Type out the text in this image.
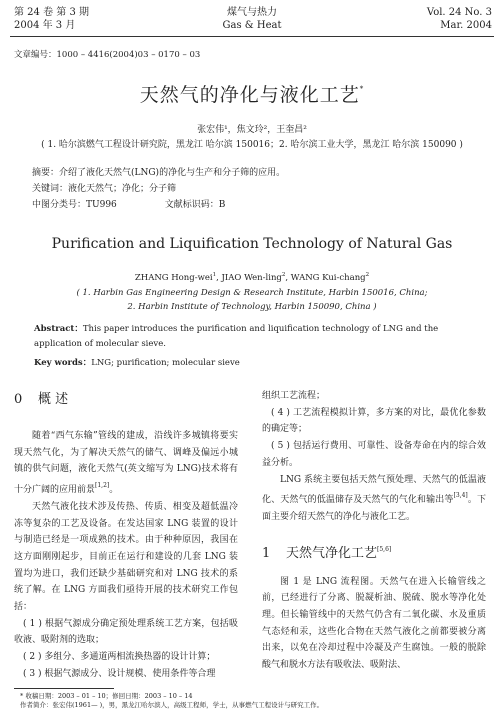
第 24 卷 第 3 期
2004 年 3 月
煤气与热力
Gas & Heat
Vol. 24 No. 3
Mar. 2004
文章编号：1000 – 4416(2004)03 – 0170 – 03
天然气的净化与液化工艺*
张宏伟¹，焦文玲²，王奎昌²
( 1. 哈尔滨燃气工程设计研究院，黑龙江 哈尔滨 150016；2. 哈尔滨工业大学，黑龙江 哈尔滨 150090 )
摘要：介绍了液化天然气(LNG)的净化与生产和分子筛的应用。
关键词：液化天然气；净化；分子筛
中图分类号：TU996	文献标识码：B
Purification and Liquification Technology of Natural Gas
ZHANG Hong-wei$^1$, JIAO Wen-ling$^2$, WANG Kui-chang$^2$
( 1. Harbin Gas Engineering Design & Research Institute, Harbin 150016, China;
2. Harbin Institute of Technology, Harbin 150090, China )
Abstract：This paper introduces the purification and liquification technology of LNG and the application of molecular sieve.
Key words：LNG; purification; molecular sieve
0 概 述

随着“西气东输”管线的建成，沿线许多城镇将要实现天然气化，为了解决天然气的储气、调峰及偏远小城镇的供气问题，液化天然气(英文缩写为 LNG)技术将有十分广阔的应用前景[1,2]。

天然气液化技术涉及传热、传质、相变及超低温冷冻等复杂的工艺及设备。在发达国家 LNG 装置的设计与制造已经是一项成熟的技术。由于种种原因，我国在这方面刚刚起步，目前正在运行和建设的几套 LNG 装置均为进口，我们还缺少基础研究和对 LNG 技术的系统了解。在 LNG 方面我们亟待开展的技术研究工作包括：

( 1 ) 根据气源成分确定预处理系统工艺方案，包括吸收液、吸附剂的选取；

( 2 ) 多组分、多通道两相流换热器的设计计算；

( 3 ) 根据气源成分、设计规模、使用条件等合理

组织工艺流程；

( 4 ) 工艺流程模拟计算，多方案的对比，最优化参数的确定等；

( 5 ) 包括运行费用、可靠性、设备寿命在内的综合效益分析。

LNG 系统主要包括天然气预处理、天然气的低温液化、天然气的低温储存及天然气的气化和输出等[3,4]。下面主要介绍天然气的净化与液化工艺。

1 天然气净化工艺[5,6]

图 1 是 LNG 流程图。天然气在进入长输管线之前，已经进行了分离、脱凝析油、脱硫、脱水等净化处理。但长输管线中的天然气仍含有二氧化碳、水及重质气态烃和汞，这些化合物在天然气液化之前都要被分离出来，以免在冷却过程中冷凝及产生腐蚀。一般的脱除酸气和脱水方法有吸收法、吸附法、

* 收稿日期：2003 – 01 – 10；修回日期：2003 – 10 – 14
作者简介：张宏伟(1961— )，男，黑龙江哈尔滨人，高级工程师，学士，从事燃气工程设计与研究工作。
